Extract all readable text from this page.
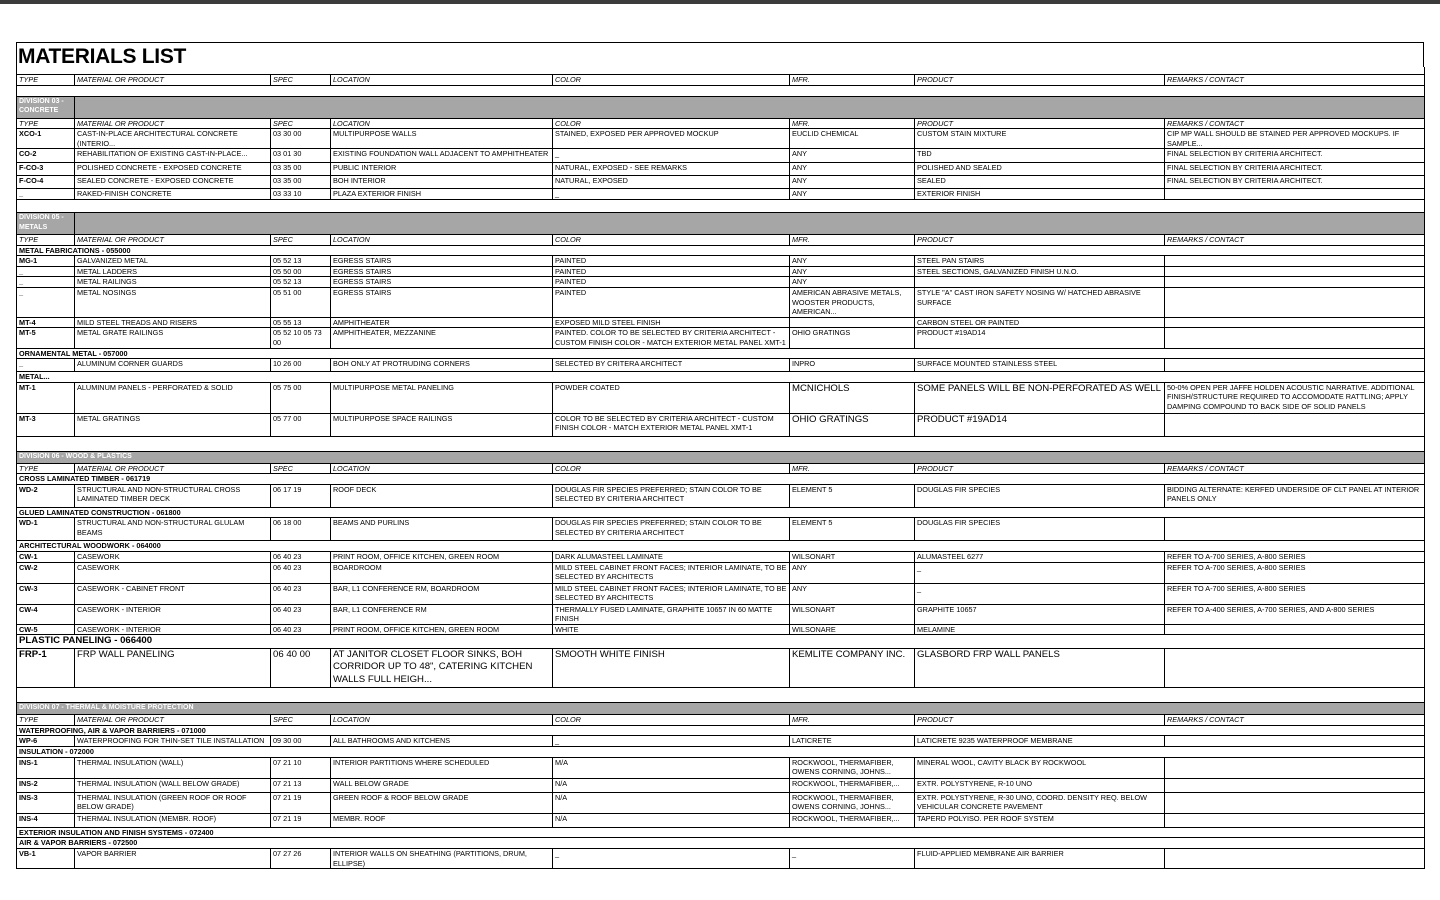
MATERIALS LIST

TYPE	MATERIAL OR PRODUCT	SPEC	LOCATION	COLOR	MFR.	PRODUCT	REMARKS / CONTACT

DIVISION 03 - CONCRETE							
TYPE	MATERIAL OR PRODUCT	SPEC	LOCATION	COLOR	MFR.	PRODUCT	REMARKS / CONTACT
XCO-1	CAST-IN-PLACE ARCHITECTURAL CONCRETE (INTERIO...	03 30 00	MULTIPURPOSE WALLS	STAINED, EXPOSED PER APPROVED MOCKUP	EUCLID CHEMICAL	CUSTOM STAIN MIXTURE	CIP MP WALL SHOULD BE STAINED PER APPROVED MOCKUPS. IF SAMPLE...
CO-2	REHABILITATION OF EXISTING CAST-IN-PLACE...	03 01 30	EXISTING FOUNDATION WALL ADJACENT TO AMPHITHEATER	_	ANY	TBD	FINAL SELECTION BY CRITERIA ARCHITECT.
F-CO-3	POLISHED CONCRETE - EXPOSED CONCRETE	03 35 00	PUBLIC INTERIOR	NATURAL, EXPOSED - SEE REMARKS	ANY	POLISHED AND SEALED	FINAL SELECTION BY CRITERIA ARCHITECT.
F-CO-4	SEALED CONCRETE - EXPOSED CONCRETE	03 35 00	BOH INTERIOR	NATURAL, EXPOSED	ANY	SEALED	FINAL SELECTION BY CRITERIA ARCHITECT.
_	RAKED-FINISH CONCRETE	03 33 10	PLAZA EXTERIOR FINISH	_	ANY	EXTERIOR FINISH	

DIVISION 05 - METALS							
TYPE	MATERIAL OR PRODUCT	SPEC	LOCATION	COLOR	MFR.	PRODUCT	REMARKS / CONTACT
METAL FABRICATIONS - 055000							
MG-1	GALVANIZED METAL	05 52 13	EGRESS STAIRS	PAINTED	ANY	STEEL PAN STAIRS	
_	METAL LADDERS	05 50 00	EGRESS STAIRS	PAINTED	ANY	STEEL SECTIONS, GALVANIZED FINISH U.N.O.	
_	METAL RAILINGS	05 52 13	EGRESS STAIRS	PAINTED	ANY		
_	METAL NOSINGS	05 51 00	EGRESS STAIRS	PAINTED	AMERICAN ABRASIVE METALS, WOOSTER PRODUCTS, AMERICAN...	STYLE "A" CAST IRON SAFETY NOSING W/ HATCHED ABRASIVE SURFACE	
MT-4	MILD STEEL TREADS AND RISERS	05 55 13	AMPHITHEATER	EXPOSED MILD STEEL FINISH		CARBON STEEL OR PAINTED	
MT-5	METAL GRATE RAILINGS	05 52 10 05 73 00	AMPHITHEATER, MEZZANINE	PAINTED. COLOR TO BE SELECTED BY CRITERIA ARCHITECT - CUSTOM FINISH COLOR - MATCH EXTERIOR METAL PANEL XMT-1	OHIO GRATINGS	PRODUCT #19AD14	
ORNAMENTAL METAL - 057000							
_	ALUMINUM CORNER GUARDS	10 26 00	BOH ONLY AT PROTRUDING CORNERS	SELECTED BY CRITERA ARCHITECT	INPRO	SURFACE MOUNTED STAINLESS STEEL	
METAL...							
MT-1	ALUMINUM PANELS - PERFORATED & SOLID	05 75 00	MULTIPURPOSE METAL PANELING	POWDER COATED	MCNICHOLS	SOME PANELS WILL BE NON-PERFORATED AS WELL	50-0% OPEN PER JAFFE HOLDEN ACOUSTIC NARRATIVE. ADDITIONAL FINISH/STRUCTURE REQUIRED TO ACCOMODATE RATTLING; APPLY DAMPING COMPOUND TO BACK SIDE OF SOLID PANELS
MT-3	METAL GRATINGS	05 77 00	MULTIPURPOSE SPACE RAILINGS	COLOR TO BE SELECTED BY CRITERIA ARCHITECT - CUSTOM FINISH COLOR - MATCH EXTERIOR METAL PANEL XMT-1	OHIO GRATINGS	PRODUCT #19AD14	

DIVISION 06 - WOOD & PLASTICS							
TYPE	MATERIAL OR PRODUCT	SPEC	LOCATION	COLOR	MFR.	PRODUCT	REMARKS / CONTACT
CROSS LAMINATED TIMBER - 061719							
WD-2	STRUCTURAL AND NON-STRUCTURAL CROSS LAMINATED TIMBER DECK	06 17 19	ROOF DECK	DOUGLAS FIR SPECIES PREFERRED; STAIN COLOR TO BE SELECTED BY CRITERIA ARCHITECT	ELEMENT 5	DOUGLAS FIR SPECIES	BIDDING ALTERNATE: KERFED UNDERSIDE OF CLT PANEL AT INTERIOR PANELS ONLY
GLUED LAMINATED CONSTRUCTION - 061800							
WD-1	STRUCTURAL AND NON-STRUCTURAL GLULAM BEAMS	06 18 00	BEAMS AND PURLINS	DOUGLAS FIR SPECIES PREFERRED; STAIN COLOR TO BE SELECTED BY CRITERIA ARCHITECT	ELEMENT 5	DOUGLAS FIR SPECIES	
ARCHITECTURAL WOODWORK - 064000							
CW-1	CASEWORK	06 40 23	PRINT ROOM, OFFICE KITCHEN, GREEN ROOM	DARK ALUMASTEEL LAMINATE	WILSONART	ALUMASTEEL 6277	REFER TO A-700 SERIES, A-800 SERIES
CW-2	CASEWORK	06 40 23	BOARDROOM	MILD STEEL CABINET FRONT FACES; INTERIOR LAMINATE, TO BE SELECTED BY ARCHITECTS	ANY	_	REFER TO A-700 SERIES, A-800 SERIES
CW-3	CASEWORK - CABINET FRONT	06 40 23	BAR, L1 CONFERENCE RM, BOARDROOM	MILD STEEL CABINET FRONT FACES; INTERIOR LAMINATE, TO BE SELECTED BY ARCHITECTS	ANY	_	REFER TO A-700 SERIES, A-800 SERIES
CW-4	CASEWORK - INTERIOR	06 40 23	BAR, L1 CONFERENCE RM	THERMALLY FUSED LAMINATE, GRAPHITE 10657 IN 60 MATTE FINISH	WILSONART	GRAPHITE 10657	REFER TO A-400 SERIES, A-700 SERIES, AND A-800 SERIES
CW-5	CASEWORK - INTERIOR	06 40 23	PRINT ROOM, OFFICE KITCHEN, GREEN ROOM	WHITE	WILSONARE	MELAMINE	
PLASTIC PANELING - 066400							
FRP-1	FRP WALL PANELING	06 40 00	AT JANITOR CLOSET FLOOR SINKS, BOH CORRIDOR UP TO 48", CATERING KITCHEN WALLS FULL HEIGH...	SMOOTH WHITE FINISH	KEMLITE COMPANY INC.	GLASBORD FRP WALL PANELS	

DIVISION 07 - THERMAL & MOISTURE PROTECTION							
TYPE	MATERIAL OR PRODUCT	SPEC	LOCATION	COLOR	MFR.	PRODUCT	REMARKS / CONTACT
WATERPROOFING, AIR & VAPOR BARRIERS - 071000							
WP-6	WATERPROOFING FOR THIN-SET TILE INSTALLATION	09 30 00	ALL BATHROOMS AND KITCHENS	_	LATICRETE	LATICRETE 9235 WATERPROOF MEMBRANE	
INSULATION - 072000							
INS-1	THERMAL INSULATION (WALL)	07 21 10	INTERIOR PARTITIONS WHERE SCHEDULED	M/A	ROCKWOOL, THERMAFIBER, OWENS CORNING, JOHNS...	MINERAL WOOL, CAVITY BLACK BY ROCKWOOL	
INS-2	THERMAL INSULATION (WALL BELOW GRADE)	07 21 13	WALL BELOW GRADE	N/A	ROCKWOOL, THERMAFIBER,...	EXTR. POLYSTYRENE, R-10 UNO	
INS-3	THERMAL INSULATION (GREEN ROOF OR ROOF BELOW GRADE)	07 21 19	GREEN ROOF & ROOF BELOW GRADE	N/A	ROCKWOOL, THERMAFIBER, OWENS CORNING, JOHNS...	EXTR. POLYSTYRENE, R-30 UNO, COORD. DENSITY REQ. BELOW VEHICULAR CONCRETE PAVEMENT	
INS-4	THERMAL INSULATION (MEMBR. ROOF)	07 21 19	MEMBR. ROOF	N/A	ROCKWOOL, THERMAFIBER,...	TAPERD POLYISO. PER ROOF SYSTEM	
EXTERIOR INSULATION AND FINISH SYSTEMS - 072400							
AIR & VAPOR BARRIERS - 072500							
VB-1	VAPOR BARRIER	07 27 26	INTERIOR WALLS ON SHEATHING (PARTITIONS, DRUM, ELLIPSE)	_	_	FLUID-APPLIED MEMBRANE AIR BARRIER	
